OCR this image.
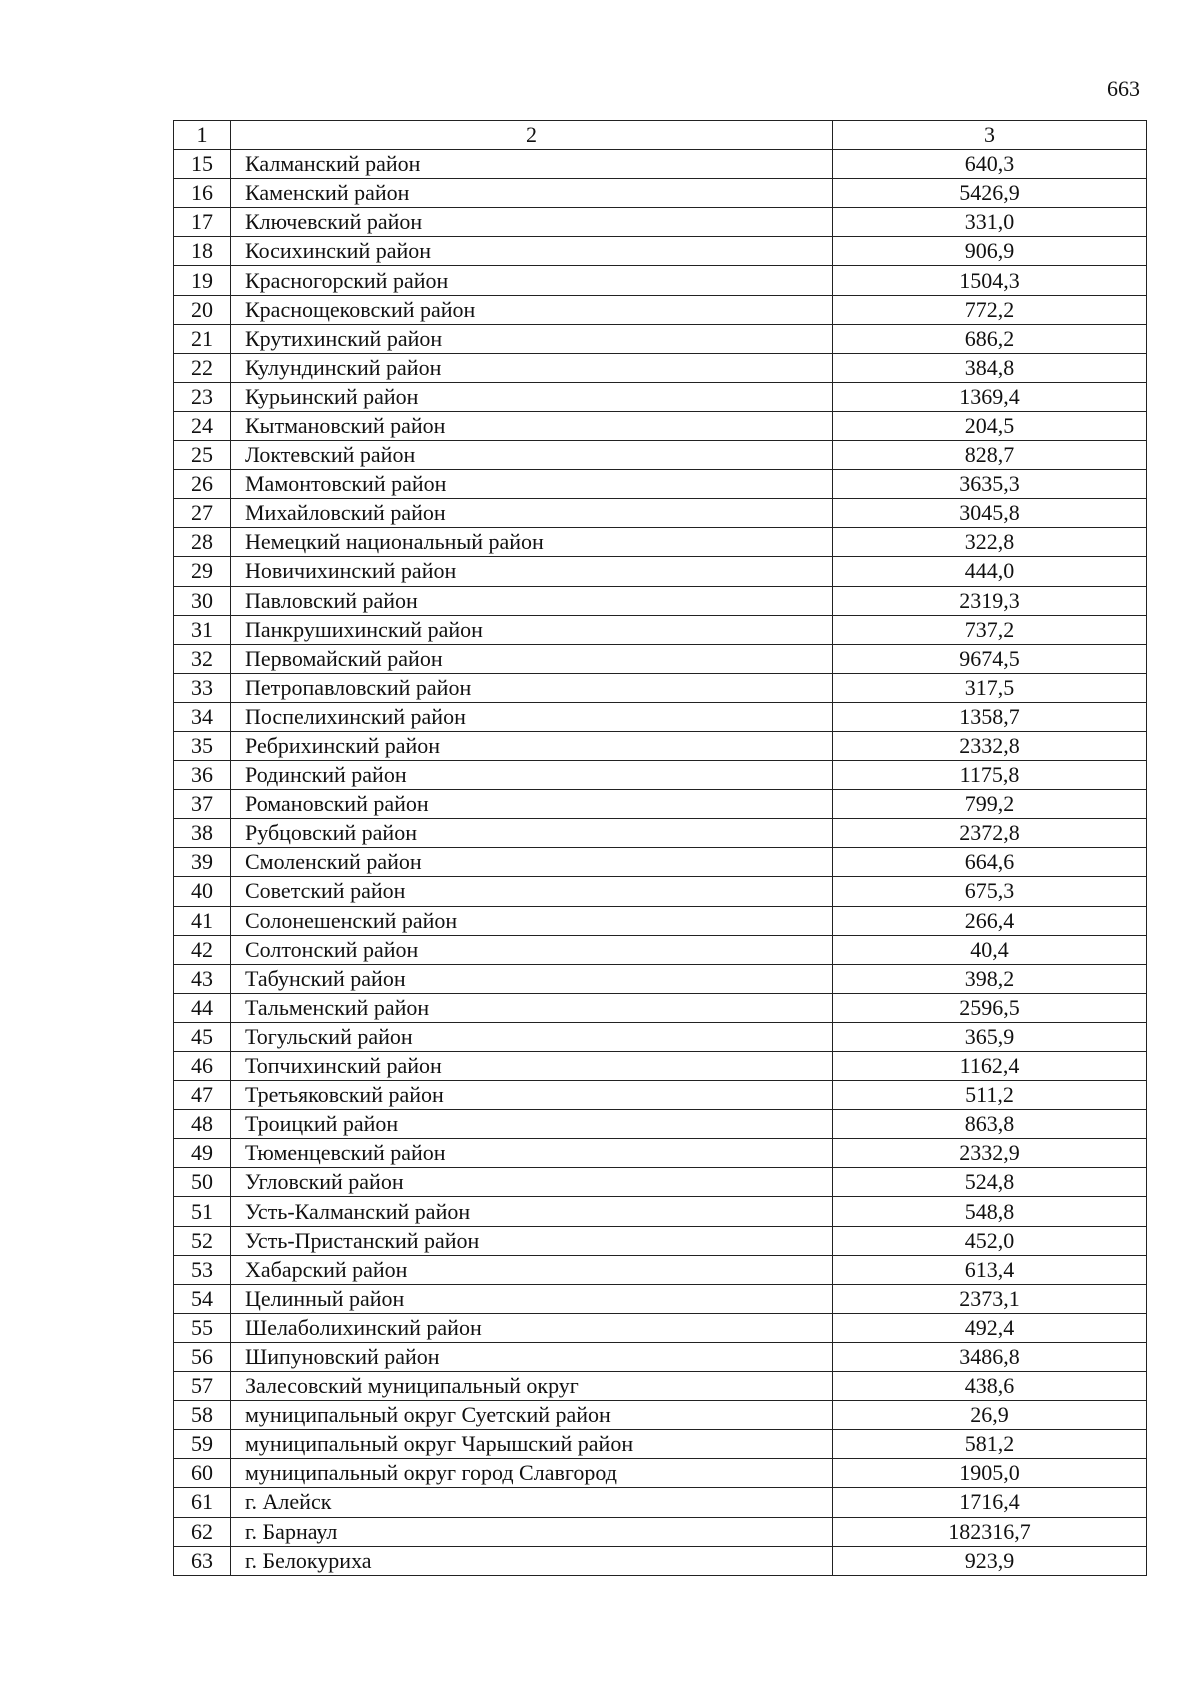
663
1	2	3
15	Калманский район	640,3
16	Каменский район	5426,9
17	Ключевский район	331,0
18	Косихинский район	906,9
19	Красногорский район	1504,3
20	Краснощековский район	772,2
21	Крутихинский район	686,2
22	Кулундинский район	384,8
23	Курьинский район	1369,4
24	Кытмановский район	204,5
25	Локтевский район	828,7
26	Мамонтовский район	3635,3
27	Михайловский район	3045,8
28	Немецкий национальный район	322,8
29	Новичихинский район	444,0
30	Павловский район	2319,3
31	Панкрушихинский район	737,2
32	Первомайский район	9674,5
33	Петропавловский район	317,5
34	Поспелихинский район	1358,7
35	Ребрихинский район	2332,8
36	Родинский район	1175,8
37	Романовский район	799,2
38	Рубцовский район	2372,8
39	Смоленский район	664,6
40	Советский район	675,3
41	Солонешенский район	266,4
42	Солтонский район	40,4
43	Табунский район	398,2
44	Тальменский район	2596,5
45	Тогульский район	365,9
46	Топчихинский район	1162,4
47	Третьяковский район	511,2
48	Троицкий район	863,8
49	Тюменцевский район	2332,9
50	Угловский район	524,8
51	Усть-Калманский район	548,8
52	Усть-Пристанский район	452,0
53	Хабарский район	613,4
54	Целинный район	2373,1
55	Шелаболихинский район	492,4
56	Шипуновский район	3486,8
57	Залесовский муниципальный округ	438,6
58	муниципальный округ Суетский район	26,9
59	муниципальный округ Чарышский район	581,2
60	муниципальный округ город Славгород	1905,0
61	г. Алейск	1716,4
62	г. Барнаул	182316,7
63	г. Белокуриха	923,9
